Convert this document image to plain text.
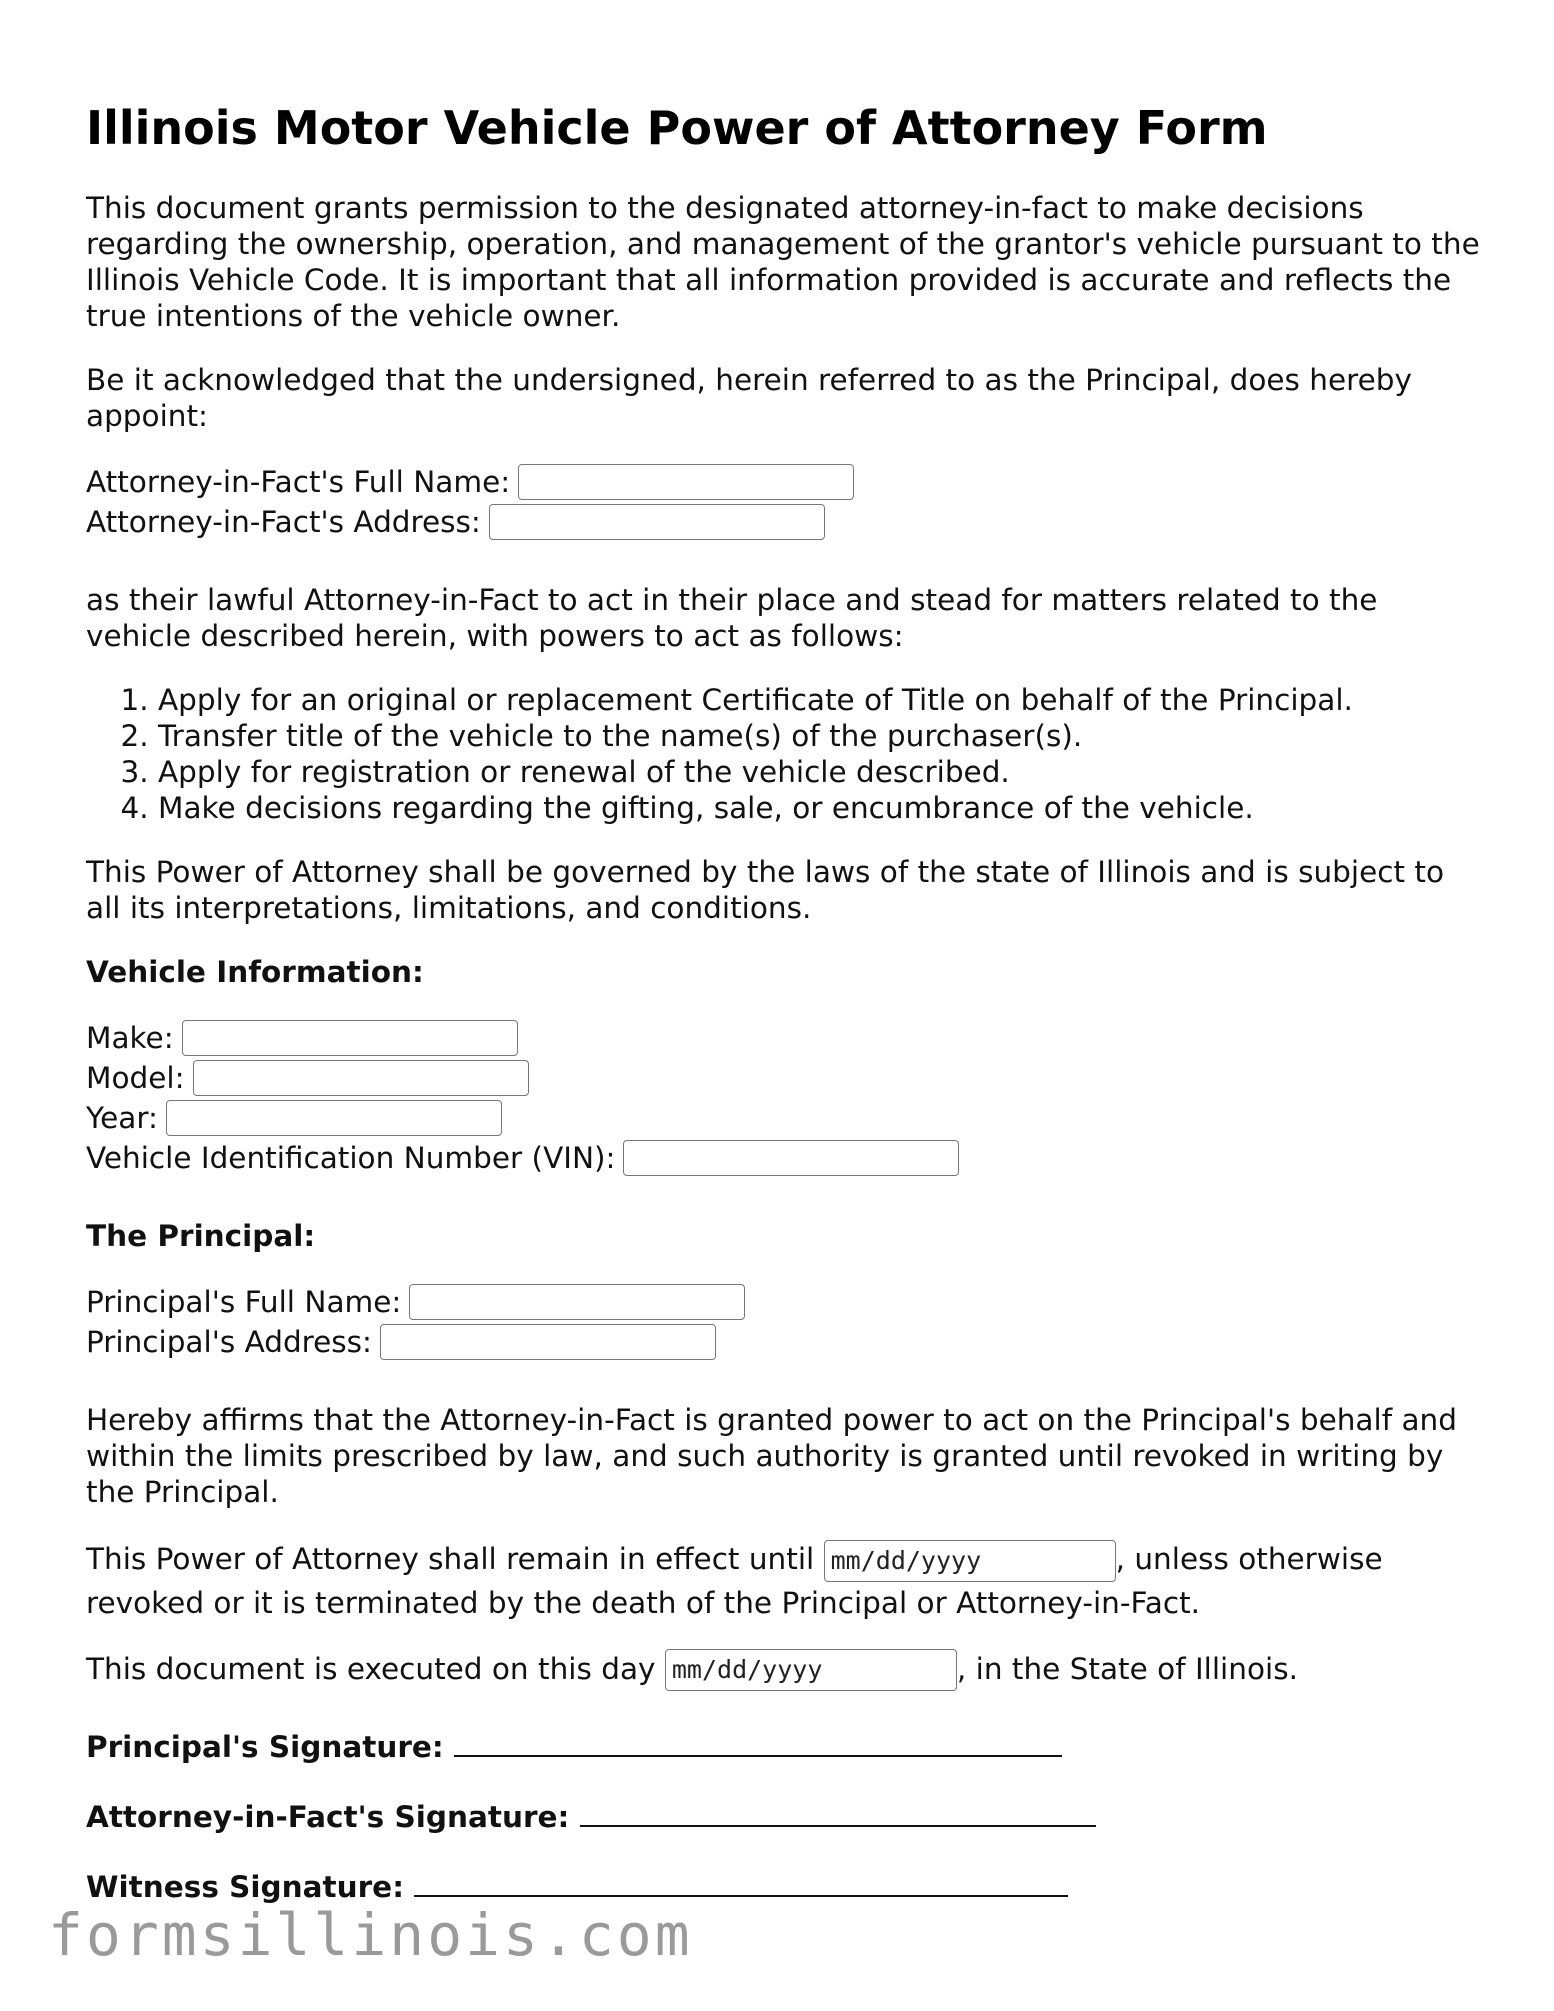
Illinois Motor Vehicle Power of Attorney Form

This document grants permission to the designated attorney-in-fact to make decisions regarding the ownership, operation, and management of the grantor's vehicle pursuant to the Illinois Vehicle Code. It is important that all information provided is accurate and reflects the true intentions of the vehicle owner.

Be it acknowledged that the undersigned, herein referred to as the Principal, does hereby appoint:

Attorney-in-Fact's Full Name:
Attorney-in-Fact's Address:

as their lawful Attorney-in-Fact to act in their place and stead for matters related to the vehicle described herein, with powers to act as follows:

1. Apply for an original or replacement Certificate of Title on behalf of the Principal.
2. Transfer title of the vehicle to the name(s) of the purchaser(s).
3. Apply for registration or renewal of the vehicle described.
4. Make decisions regarding the gifting, sale, or encumbrance of the vehicle.

This Power of Attorney shall be governed by the laws of the state of Illinois and is subject to all its interpretations, limitations, and conditions.

Vehicle Information:
Make:
Model:
Year:
Vehicle Identification Number (VIN):
The Principal:
Principal's Full Name:
Principal's Address:

Hereby affirms that the Attorney-in-Fact is granted power to act on the Principal's behalf and within the limits prescribed by law, and such authority is granted until revoked in writing by the Principal.

This Power of Attorney shall remain in effect until mm/dd/yyyy	, unless otherwise
revoked or it is terminated by the death of the Principal or Attorney-in-Fact.
This document is executed on this day mm/dd/yyyy	, in the State of Illinois.
Principal's Signature:
Attorney-in-Fact's Signature:
Witness Signature:
formsillinois.com
